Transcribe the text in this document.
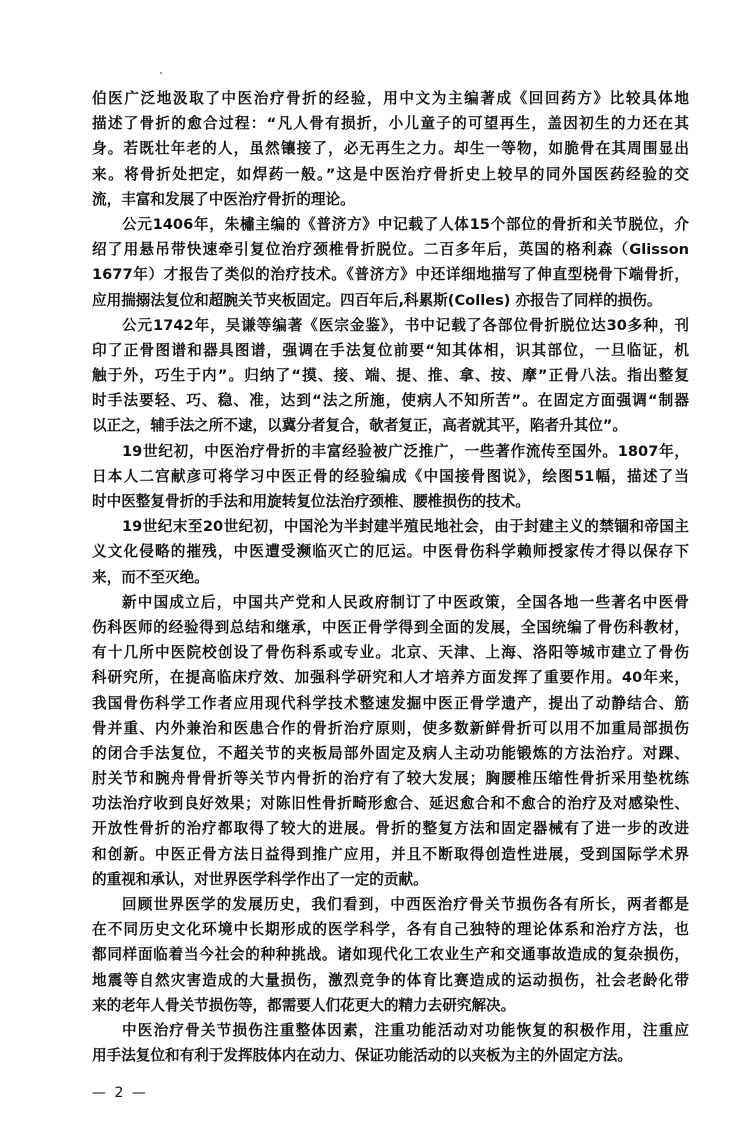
伯医广泛地汲取了中医治疗骨折的经验，用中文为主编著成《回回药方》比较具体地
描述了骨折的愈合过程：“凡人骨有损折，小儿童子的可望再生，盖因初生的力还在其
身。若既壮年老的人，虽然镶接了，必无再生之力。却生一等物，如脆骨在其周围显出
来。将骨折处把定，如焊药一般。”这是中医治疗骨折史上较早的同外国医药经验的交
流，丰富和发展了中医治疗骨折的理论。
公元1406年，朱橚主编的《普济方》中记载了人体15个部位的骨折和关节脱位，介
绍了用悬吊带快速牵引复位治疗颈椎骨折脱位。二百多年后，英国的格利森（Glisson
1677年）才报告了类似的治疗技术。《普济方》中还详细地描写了伸直型桡骨下端骨折，
应用揣搦法复位和超腕关节夹板固定。四百年后,科累斯(Colles) 亦报告了同样的损伤。
公元1742年，吴谦等编著《医宗金鉴》，书中记载了各部位骨折脱位达30多种，刊
印了正骨图谱和器具图谱，强调在手法复位前要“知其体相，识其部位，一旦临证，机
触于外，巧生于内”。归纳了“摸、接、端、提、推、拿、按、摩”正骨八法。指出整复
时手法要轻、巧、稳、准，达到“法之所施，使病人不知所苦”。在固定方面强调“制器
以正之，辅手法之所不逮，以冀分者复合，欹者复正，高者就其平，陷者升其位”。
19世纪初，中医治疗骨折的丰富经验被广泛推广，一些著作流传至国外。1807年，
日本人二宫献彦可将学习中医正骨的经验编成《中国接骨图说》，绘图51幅，描述了当
时中医整复骨折的手法和用旋转复位法治疗颈椎、腰椎损伤的技术。
19世纪末至20世纪初，中国沦为半封建半殖民地社会，由于封建主义的禁锢和帝国主
义文化侵略的摧残，中医遭受濒临灭亡的厄运。中医骨伤科学赖师授家传才得以保存下
来，而不至灭绝。
新中国成立后，中国共产党和人民政府制订了中医政策，全国各地一些著名中医骨
伤科医师的经验得到总结和继承，中医正骨学得到全面的发展，全国统编了骨伤科教材，
有十几所中医院校创设了骨伤科系或专业。北京、天津、上海、洛阳等城市建立了骨伤
科研究所，在提高临床疗效、加强科学研究和人才培养方面发挥了重要作用。40年来，
我国骨伤科学工作者应用现代科学技术整速发掘中医正骨学遗产，提出了动静结合、筋
骨并重、内外兼治和医患合作的骨折治疗原则，使多数新鲜骨折可以用不加重局部损伤
的闭合手法复位，不超关节的夹板局部外固定及病人主动功能锻炼的方法治疗。对踝、
肘关节和腕舟骨骨折等关节内骨折的治疗有了较大发展；胸腰椎压缩性骨折采用垫枕练
功法治疗收到良好效果；对陈旧性骨折畸形愈合、延迟愈合和不愈合的治疗及对感染性、
开放性骨折的治疗都取得了较大的进展。骨折的整复方法和固定器械有了进一步的改进
和创新。中医正骨方法日益得到推广应用，并且不断取得创造性进展，受到国际学术界
的重视和承认，对世界医学科学作出了一定的贡献。
回顾世界医学的发展历史，我们看到，中西医治疗骨关节损伤各有所长，两者都是
在不同历史文化环境中长期形成的医学科学，各有自己独特的理论体系和治疗方法，也
都同样面临着当今社会的种种挑战。诸如现代化工农业生产和交通事故造成的复杂损伤，
地震等自然灾害造成的大量损伤，激烈竞争的体育比赛造成的运动损伤，社会老龄化带
来的老年人骨关节损伤等，都需要人们花更大的精力去研究解决。
中医治疗骨关节损伤注重整体因素，注重功能活动对功能恢复的积极作用，注重应
用手法复位和有利于发挥肢体内在动力、保证功能活动的以夹板为主的外固定方法。
— 2 —
